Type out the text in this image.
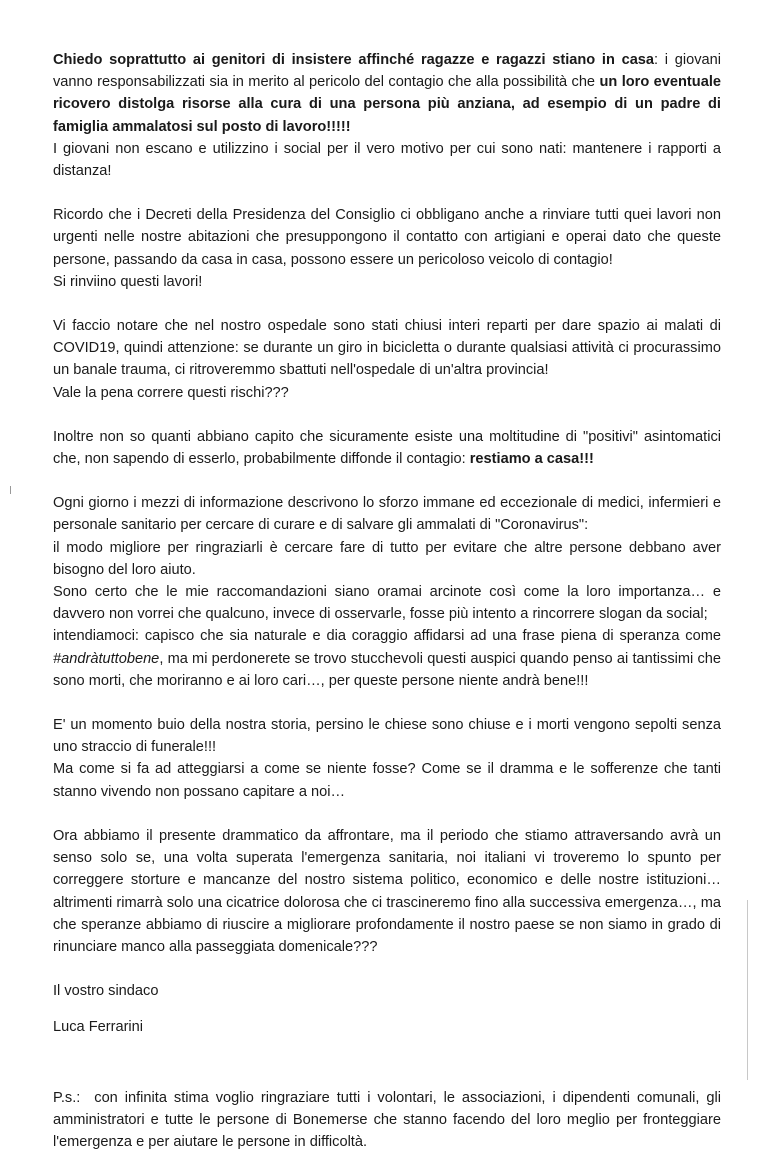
Chiedo soprattutto ai genitori di insistere affinché ragazze e ragazzi stiano in casa: i giovani vanno responsabilizzati sia in merito al pericolo del contagio che alla possibilità che un loro eventuale ricovero distolga risorse alla cura di una persona più anziana, ad esempio di un padre di famiglia ammalatosi sul posto di lavoro!!!!!

I giovani non escano e utilizzino i social per il vero motivo per cui sono nati: mantenere i rapporti a distanza!

Ricordo che i Decreti della Presidenza del Consiglio ci obbligano anche a rinviare tutti quei lavori non urgenti nelle nostre abitazioni che presuppongono il contatto con artigiani e operai dato che queste persone, passando da casa in casa, possono essere un pericoloso veicolo di contagio!

Si rinviino questi lavori!

Vi faccio notare che nel nostro ospedale sono stati chiusi interi reparti per dare spazio ai malati di COVID19, quindi attenzione: se durante un giro in bicicletta o durante qualsiasi attività ci procurassimo un banale trauma, ci ritroveremmo sbattuti nell'ospedale di un'altra provincia!

Vale la pena correre questi rischi???

Inoltre non so quanti abbiano capito che sicuramente esiste una moltitudine di "positivi" asintomatici che, non sapendo di esserlo, probabilmente diffonde il contagio: restiamo a casa!!!

Ogni giorno i mezzi di informazione descrivono lo sforzo immane ed eccezionale di medici, infermieri e personale sanitario per cercare di curare e di salvare gli ammalati di "Coronavirus":

il modo migliore per ringraziarli è cercare fare di tutto per evitare che altre persone debbano aver bisogno del loro aiuto.

Sono certo che le mie raccomandazioni siano oramai arcinote così come la loro importanza… e davvero non vorrei che qualcuno, invece di osservarle, fosse più intento a rincorrere slogan da social;

intendiamoci: capisco che sia naturale e dia coraggio affidarsi ad una frase piena di speranza come #andràtuttobene, ma mi perdonerete se trovo stucchevoli questi auspici quando penso ai tantissimi che sono morti, che moriranno e ai loro cari…, per queste persone niente andrà bene!!!

E' un momento buio della nostra storia, persino le chiese sono chiuse e i morti vengono sepolti senza uno straccio di funerale!!!

Ma come si fa ad atteggiarsi a come se niente fosse? Come se il dramma e le sofferenze che tanti stanno vivendo non possano capitare a noi…

Ora abbiamo il presente drammatico da affrontare, ma il periodo che stiamo attraversando avrà un senso solo se, una volta superata l'emergenza sanitaria, noi italiani vi troveremo lo spunto per correggere storture e mancanze del nostro sistema politico, economico e delle nostre istituzioni… altrimenti rimarrà solo una cicatrice dolorosa che ci trascineremo fino alla successiva emergenza…, ma che speranze abbiamo di riuscire a migliorare profondamente il nostro paese se non siamo in grado di rinunciare manco alla passeggiata domenicale???

Il vostro sindaco

Luca Ferrarini

P.s.: con infinita stima voglio ringraziare tutti i volontari, le associazioni, i dipendenti comunali, gli amministratori e tutte le persone di Bonemerse che stanno facendo del loro meglio per fronteggiare l'emergenza e per aiutare le persone in difficoltà.
